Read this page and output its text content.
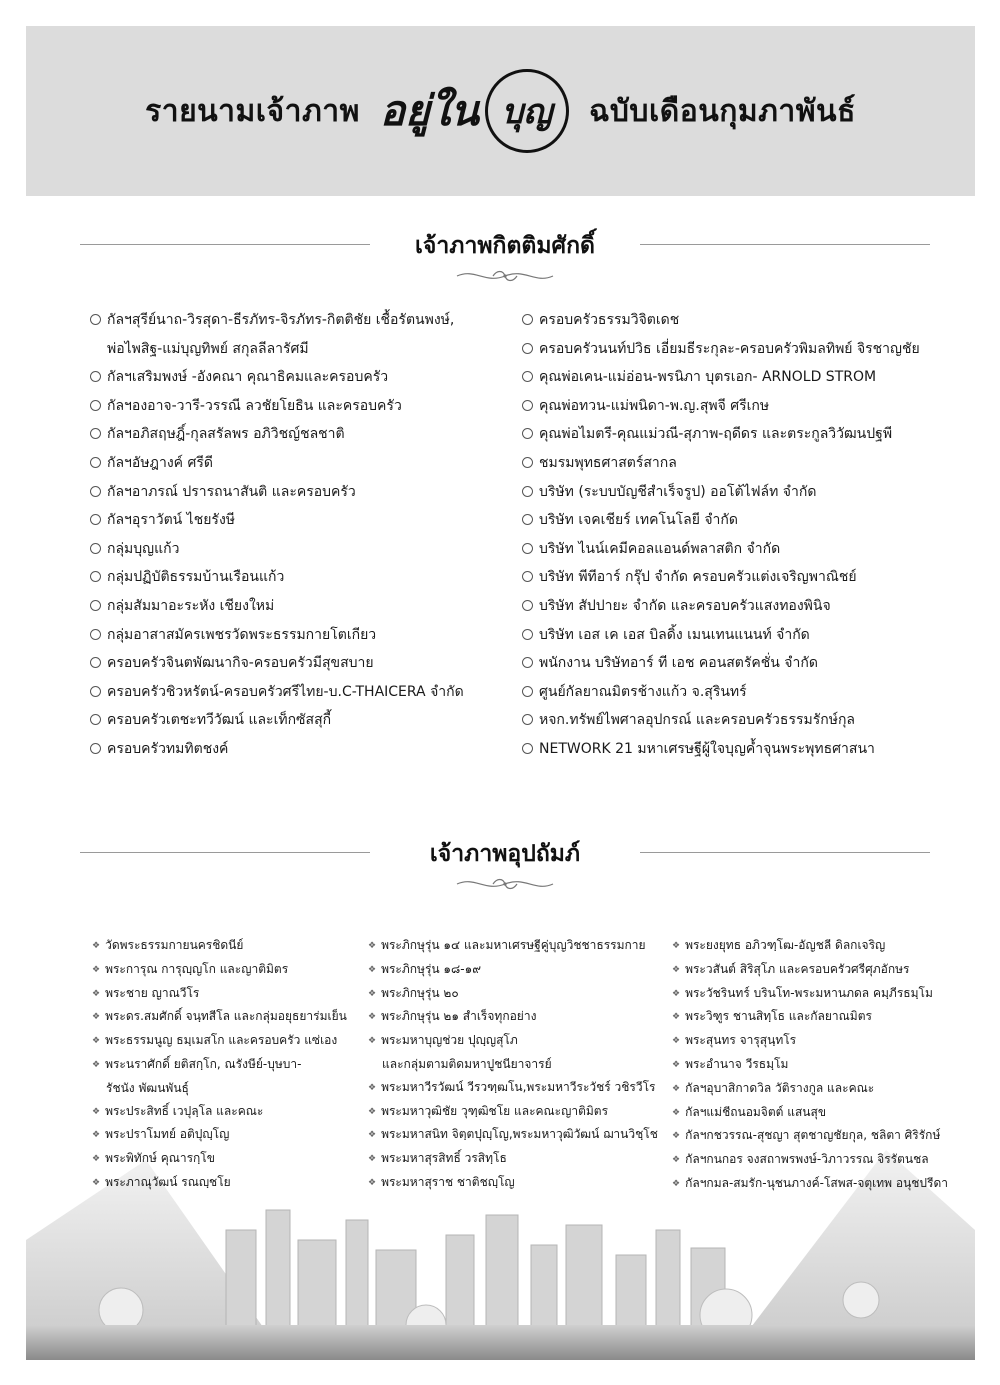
รายนามเจ้าภาพ อยู่ใน บุญ ฉบับเดือนกุมภาพันธ์
เจ้าภาพกิตติมศักดิ์
กัลฯสุรีย์นาถ-วิรสุดา-ธีรภัทร-จิรภัทร-กิตติชัย เชื้อรัตนพงษ์,
พ่อไพสิฐ-แม่บุญทิพย์ สกุลลีลารัศมี
กัลฯเสริมพงษ์ -อังคณา คุณาธิคมและครอบครัว
กัลฯองอาจ-วารี-วรรณี ลวชัยโยธิน และครอบครัว
กัลฯอภิสฤษฎิ์-กุลสรัลพร อภิวิชญ์ชลชาติ
กัลฯอัษฎางค์ ศรีดี
กัลฯอาภรณ์ ปรารถนาสันติ และครอบครัว
กัลฯอุราวัตน์ ไชยรังษี
กลุ่มบุญแก้ว
กลุ่มปฏิบัติธรรมบ้านเรือนแก้ว
กลุ่มสัมมาอะระหัง เชียงใหม่
กลุ่มอาสาสมัครเพชรวัดพระธรรมกายโตเกียว
ครอบครัวจินตพัฒนากิจ-ครอบครัวมีสุขสบาย
ครอบครัวชิวหรัตน์-ครอบครัวศรีไทย-บ.C-THAICERA จำกัด
ครอบครัวเตชะทวีวัฒน์ และเท็กซัสสุกี้
ครอบครัวทมทิตชงค์
ครอบครัวธรรมวิจิตเดช
ครอบครัวนนท์ปวิธ เอี่ยมธีระกุละ-ครอบครัวพิมลทิพย์ จิรชาญชัย
คุณพ่อเคน-แม่อ่อน-พรนิภา บุตรเอก- ARNOLD STROM
คุณพ่อทวน-แม่พนิดา-พ.ญ.สุพจี ศรีเกษ
คุณพ่อไมตรี-คุณแม่วณี-สุภาพ-ฤดีดร และตระกูลวิวัฒนปฐพี
ชมรมพุทธศาสตร์สากล
บริษัท (ระบบบัญชีสำเร็จรูป) ออโต้ไฟล์ท จำกัด
บริษัท เจคเชียร์ เทคโนโลยี จำกัด
บริษัท ไนน์เคมีคอลแอนด์พลาสติก จำกัด
บริษัท พีทีอาร์ กรุ๊ป จำกัด ครอบครัวแต่งเจริญพาณิชย์
บริษัท สัปปายะ จำกัด และครอบครัวแสงทองพินิจ
บริษัท เอส เค เอส บิลดิ้ง เมนเทนแนนท์ จำกัด
พนักงาน บริษัทอาร์ ที เอช คอนสตรัคชั่น จำกัด
ศูนย์กัลยาณมิตรช้างแก้ว จ.สุรินทร์
หจก.ทรัพย์ไพศาลอุปกรณ์ และครอบครัวธรรมรักษ์กุล
NETWORK 21 มหาเศรษฐีผู้ใจบุญค้ำจุนพระพุทธศาสนา
เจ้าภาพอุปถัมภ์
❖ วัดพระธรรมกายนครชิดนีย์
❖ พระการุณ การุญฺญโก และญาติมิตร
❖ พระชาย ญาณวีโร
❖ พระดร.สมศักดิ์ จนฺทสีโล และกลุ่มอยุธยาร่มเย็น
❖ พระธรรมนูญ ธมฺเมสโก และครอบครัว แซ่เอง
❖ พระนราศักดิ์ ยติสกฺโก, ณรังษีย์-บุษบา-
รัชนัง พัฒนพันธุ์
❖ พระประสิทธิ์ เวปุลฺโล และคณะ
❖ พระปราโมทย์ อติปุญฺโญ
❖ พระพิทักษ์ คุณารกฺโข
❖ พระภาณุวัฒน์ รณญฺชโย
❖ พระภิกษุรุ่น ๑๔ และมหาเศรษฐีคู่บุญวิชชาธรรมกาย
❖ พระภิกษุรุ่น ๑๘-๑๙
❖ พระภิกษุรุ่น ๒๐
❖ พระภิกษุรุ่น ๒๑ สำเร็จทุกอย่าง
❖ พระมหาบุญช่วย ปุญฺญสุโภ
และกลุ่มตามติดมหาปูชนียาจารย์
❖ พระมหาวีรวัฒน์ วีรวฑฺฒโน,พระมหาวีระวัชร์ วชิรวีโร
❖ พระมหาวุฒิชัย วุฑฺฒิชโย และคณะญาติมิตร
❖ พระมหาสนิท จิตฺตปุญฺโญ,พระมหาวุฒิวัฒน์ ฌานวิชฺโช
❖ พระมหาสุรสิทธิ์ วรสิทฺโธ
❖ พระมหาสุราช ชาติชญฺโญ
❖ พระยงยุทธ อภิวฑฺโฒ-อัญชลี ดิลกเจริญ
❖ พระวสันต์ สิริสุโภ และครอบครัวศรีศุภอักษร
❖ พระวัชรินทร์ บรินโท-พระมหานภดล คมฺภีรธมฺโม
❖ พระวิฑูร ชานสิทฺโธ และกัลยาณมิตร
❖ พระสุนทร จารุสุนฺทโร
❖ พระอำนาจ วีรธมฺโม
❖ กัลฯอุบาสิกาดวิล วัติรางกูล และคณะ
❖ กัลฯแม่ชีถนอมจิตต์ แสนสุข
❖ กัลฯกชวรรณ-สุชญา สุตชาญชัยกุล, ชลิตา ศิริรักษ์
❖ กัลฯกนกอร จงสถาพรพงษ์-วิภาวรรณ จิรรัตนชล
❖ กัลฯกมล-สมรัก-นุชนภางค์-โสพส-จตุเทพ อนุชปรีดา
